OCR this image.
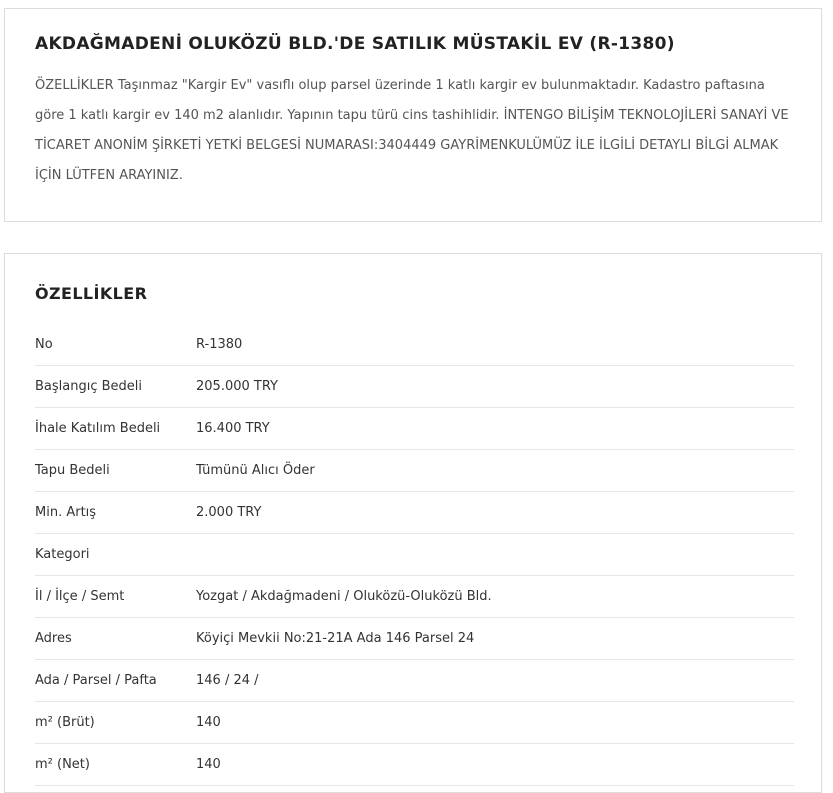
AKDAĞMADENİ OLUKÖZÜ BLD.'DE SATILIK MÜSTAKİL EV (R-1380)

ÖZELLİKLER Taşınmaz "Kargir Ev" vasıflı olup parsel üzerinde 1 katlı kargir ev bulunmaktadır. Kadastro paftasına göre 1 katlı kargir ev 140 m2 alanlıdır. Yapının tapu türü cins tashihlidir. İNTENGO BİLİŞİM TEKNOLOJİLERİ SANAYİ VE TİCARET ANONİM ŞİRKETİ YETKİ BELGESİ NUMARASI:3404449 GAYRİMENKULÜMÜZ İLE İLGİLİ DETAYLI BİLGİ ALMAK İÇİN LÜTFEN ARAYINIZ.

ÖZELLİKLER
No	R-1380
Başlangıç Bedeli	205.000 TRY
İhale Katılım Bedeli	16.400 TRY
Tapu Bedeli	Tümünü Alıcı Öder
Min. Artış	2.000 TRY
Kategori
İl / İlçe / Semt	Yozgat / Akdağmadeni / Oluközü-Oluközü Bld.
Adres	Köyiçi Mevkii No:21-21A Ada 146 Parsel 24
Ada / Parsel / Pafta	146 / 24 /
m² (Brüt)	140
m² (Net)	140
